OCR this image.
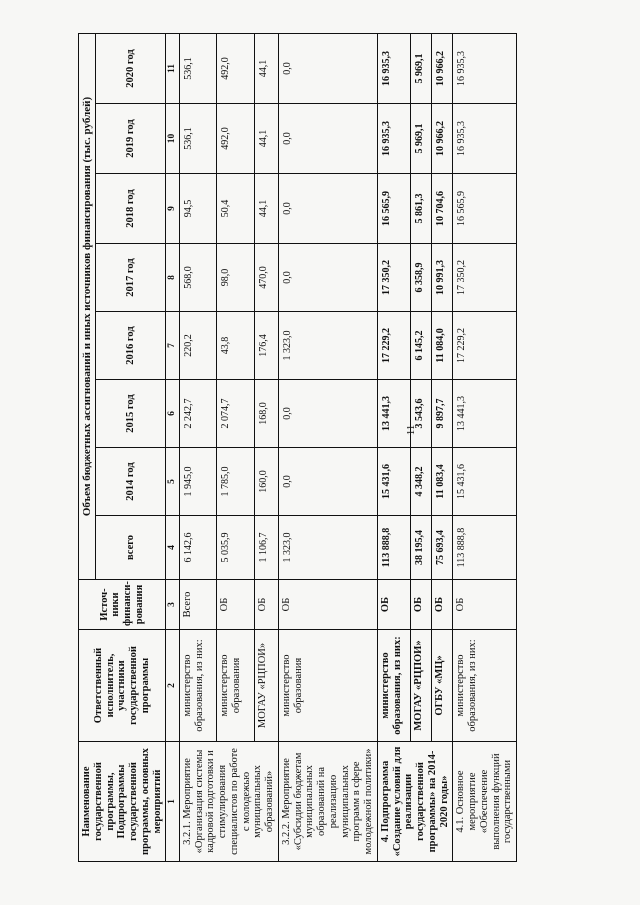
11
Наименование государственной программы, Подпрограммы государственной программы, основных мероприятий	Ответственный исполнитель, участники государственной программы	Источ-ники финанси-рования	Объем бюджетных ассигнований и иных источников финансирования (тыс. рублей)							
			всего	2014 год	2015 год	2016 год	2017 год	2018 год	2019 год	2020 год

1	2	3	4	5	6	7	8	9	10	11
3.2.1. Мероприятие «Организация системы кадровой подготовки и стимулирования специалистов по работе с молодежью муниципальных образований»	министерство образования, из них:	Всего	6 142,6	1 945,0	2 242,7	220,2	568,0	94,5	536,1	536,1
	министерство образования	ОБ	5 035,9	1 785,0	2 074,7	43,8	98,0	50,4	492,0	492,0
	МОГАУ «РЦПОИ»	ОБ	1 106,7	160,0	168,0	176,4	470,0	44,1	44,1	44,1
3.2.2. Мероприятие «Субсидии бюджетам муниципальных образований на реализацию муниципальных программ в сфере молодежной политики»	министерство образования	ОБ	1 323,0	0,0	0,0	1 323,0	0,0	0,0	0,0	0,0
4. Подпрограмма «Создание условий для реализации государственной программы» на 2014-2020 годы»	министерство образования, из них:	ОБ	113 888,8	15 431,6	13 441,3	17 229,2	17 350,2	16 565,9	16 935,3	16 935,3
	МОГАУ «РЦПОИ»	ОБ	38 195,4	4 348,2	3 543,6	6 145,2	6 358,9	5 861,3	5 969,1	5 969,1
	ОГБУ «МЦ»	ОБ	75 693,4	11 083,4	9 897,7	11 084,0	10 991,3	10 704,6	10 966,2	10 966,2
4.1. Основное мероприятие «Обеспечение выполнения функций государственными	министерство образования, из них:	ОБ	113 888,8	15 431,6	13 441,3	17 229,2	17 350,2	16 565,9	16 935,3	16 935,3
